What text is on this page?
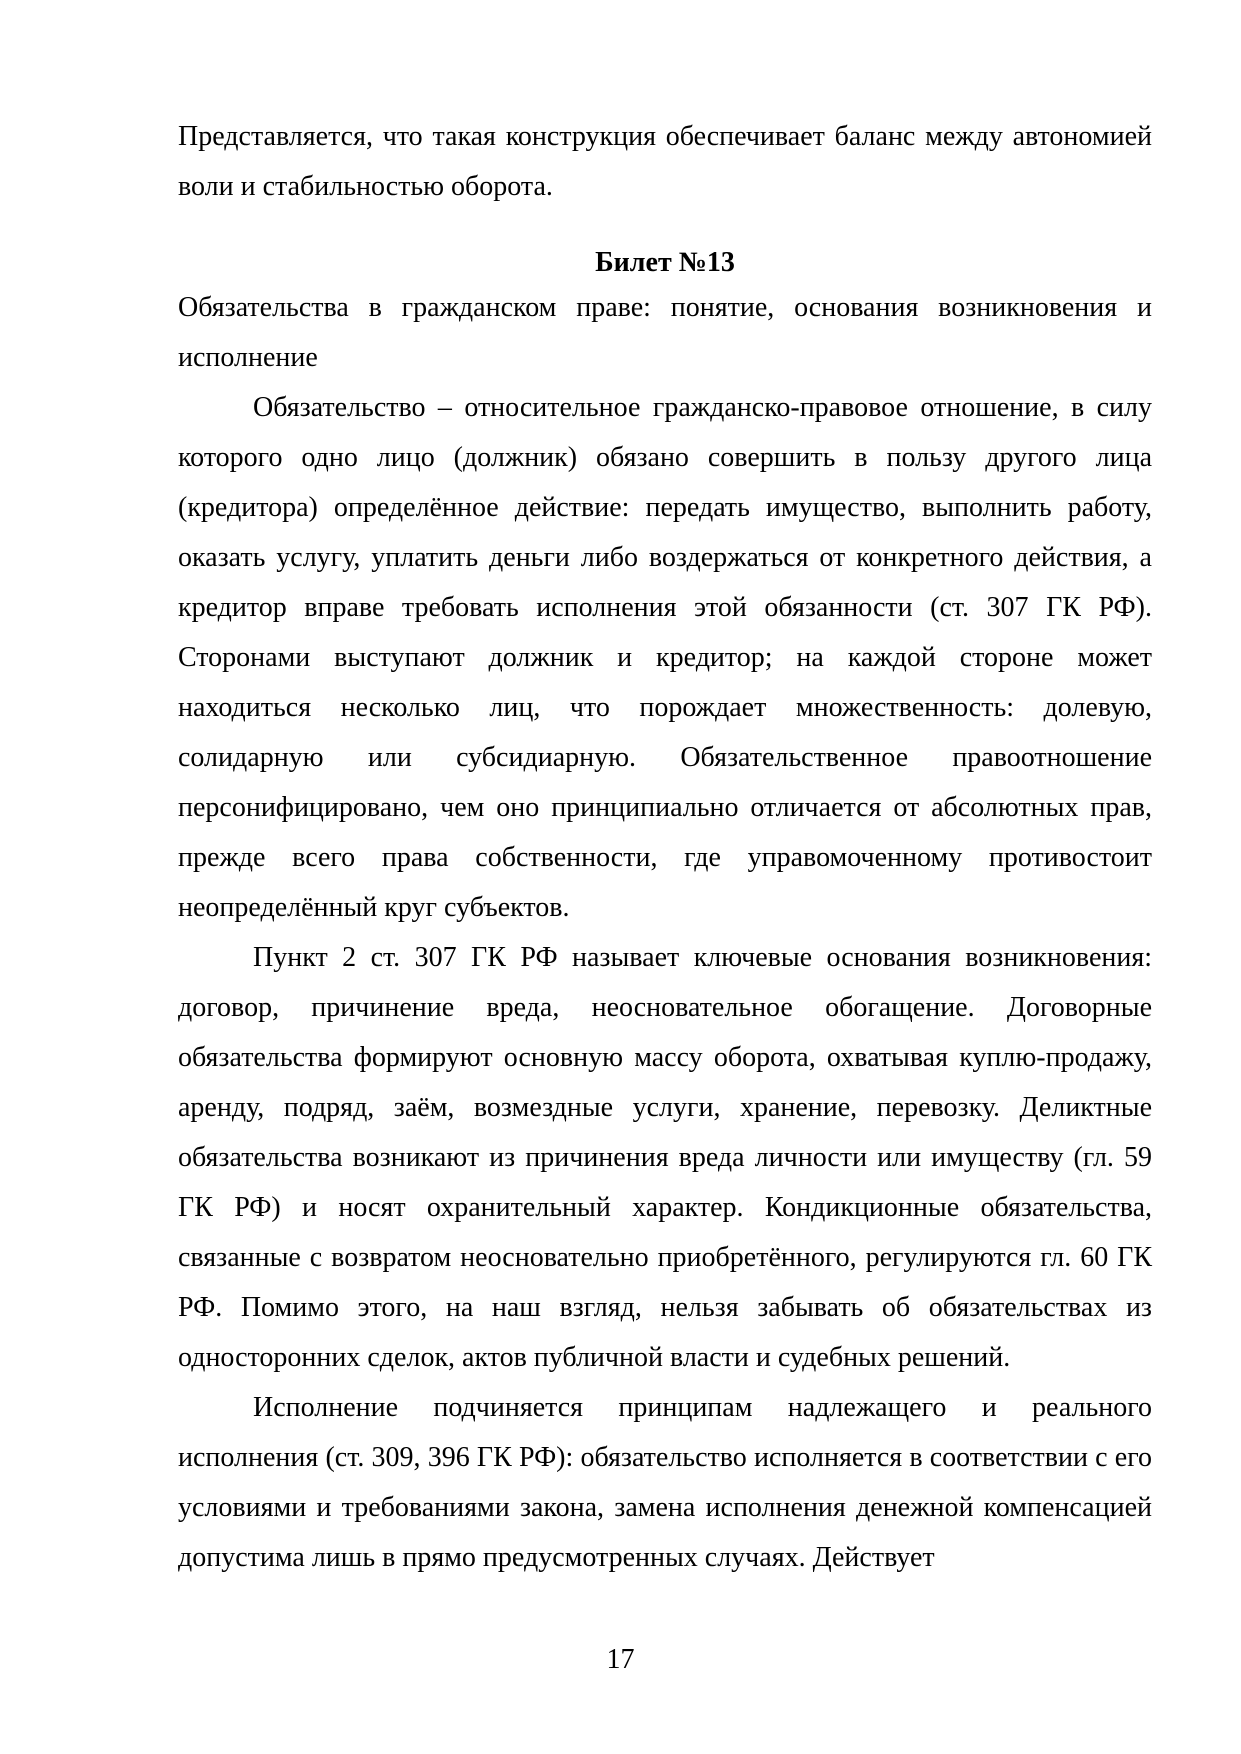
Представляется, что такая конструкция обеспечивает баланс между автономией воли и стабильностью оборота.
Билет №13

Обязательства в гражданском праве: понятие, основания возникновения и исполнение

Обязательство – относительное гражданско-правовое отношение, в силу которого одно лицо (должник) обязано совершить в пользу другого лица (кредитора) определённое действие: передать имущество, выполнить работу, оказать услугу, уплатить деньги либо воздержаться от конкретного действия, а кредитор вправе требовать исполнения этой обязанности (ст. 307 ГК РФ). Сторонами выступают должник и кредитор; на каждой стороне может находиться несколько лиц, что порождает множественность: долевую, солидарную или субсидиарную. Обязательственное правоотношение персонифицировано, чем оно принципиально отличается от абсолютных прав, прежде всего права собственности, где управомоченному противостоит неопределённый круг субъектов.

Пункт 2 ст. 307 ГК РФ называет ключевые основания возникновения: договор, причинение вреда, неосновательное обогащение. Договорные обязательства формируют основную массу оборота, охватывая куплю-продажу, аренду, подряд, заём, возмездные услуги, хранение, перевозку. Деликтные обязательства возникают из причинения вреда личности или имуществу (гл. 59 ГК РФ) и носят охранительный характер. Кондикционные обязательства, связанные с возвратом неосновательно приобретённого, регулируются гл. 60 ГК РФ. Помимо этого, на наш взгляд, нельзя забывать об обязательствах из односторонних сделок, актов публичной власти и судебных решений.

Исполнение подчиняется принципам надлежащего и реального исполнения (ст. 309, 396 ГК РФ): обязательство исполняется в соответствии с его условиями и требованиями закона, замена исполнения денежной компенсацией допустима лишь в прямо предусмотренных случаях. Действует

17
